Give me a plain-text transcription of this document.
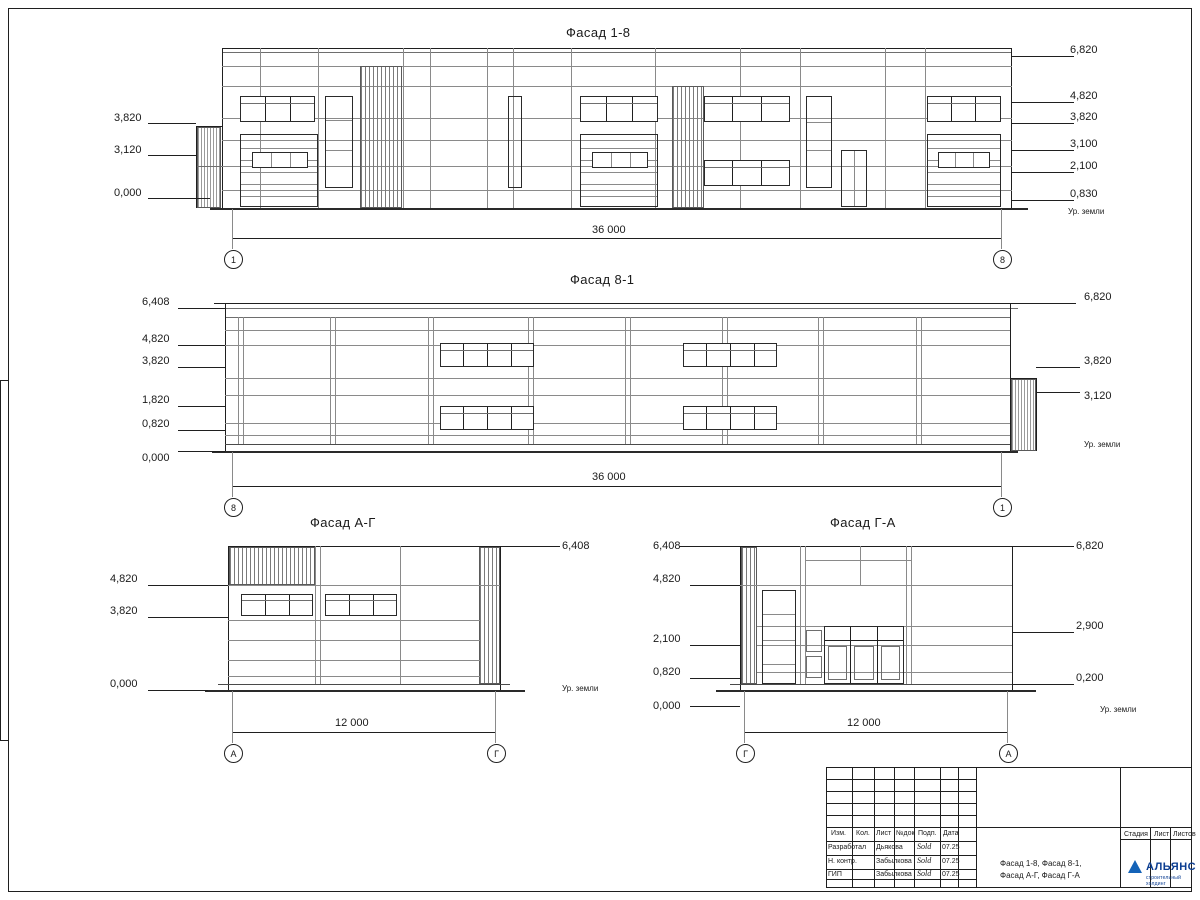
Фасад 1-8
3,820
3,120
0,000
6,820
4,820
3,820
3,100
2,100
0,830
Ур. земли
36 000
1	8
Фасад 8-1
6,408
4,820
3,820
1,820
0,820
0,000
6,820
3,820
3,120
Ур. земли
36 000
8	1
Фасад А-Г
4,820
3,820
0,000
6,408
Ур. земли
12 000
А	Г
Фасад Г-А
6,408
4,820
2,100
0,820
0,000
6,820
2,900
0,200
Ур. земли
12 000
Г	А
Изм. Кол. Лист №док Подп. Дата
Разработал Дьякова Sold 07.25
Н. контр.	Забылкова Sold 07.25
ГИП	Забылкова Sold 07.25
Фасад 1-8, Фасад 8-1,
Фасад А-Г, Фасад Г-А
Стадия Лист Листов
АЛЬЯНС
строительный холдинг
